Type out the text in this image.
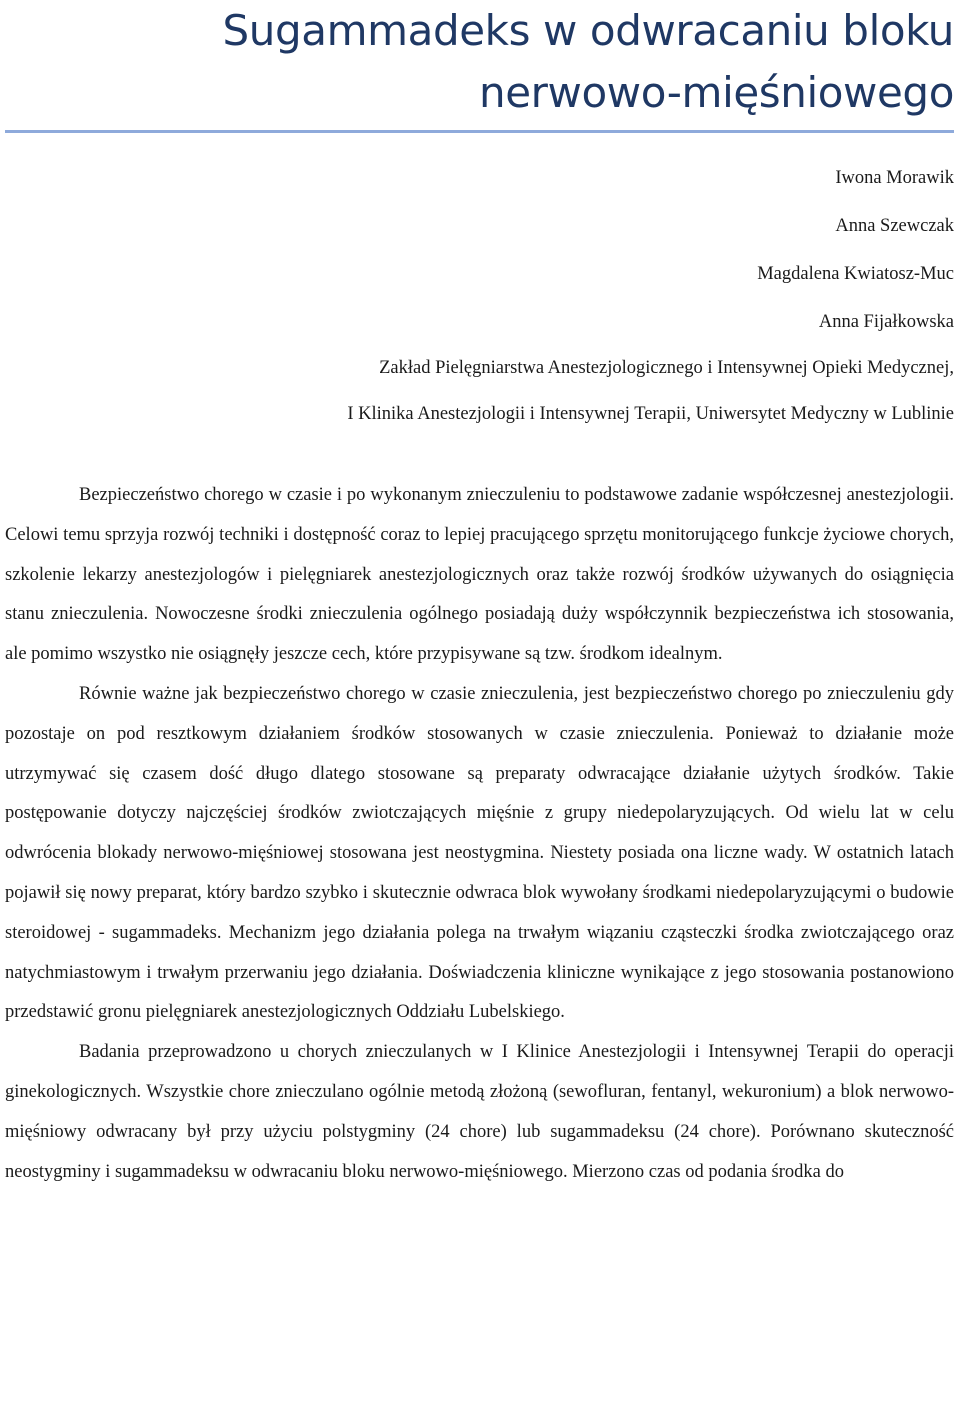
Sugammadeks w odwracaniu bloku
nerwowo-mięśniowego
Iwona Morawik
Anna Szewczak
Magdalena Kwiatosz-Muc
Anna Fijałkowska
Zakład Pielęgniarstwa Anestezjologicznego i Intensywnej Opieki Medycznej,
I Klinika Anestezjologii i Intensywnej Terapii, Uniwersytet Medyczny w Lublinie

Bezpieczeństwo chorego w czasie i po wykonanym znieczuleniu to podstawowe zadanie współczesnej anestezjologii. Celowi temu sprzyja rozwój techniki i dostępność coraz to lepiej pracującego sprzętu monitorującego funkcje życiowe chorych, szkolenie lekarzy anestezjologów i pielęgniarek anestezjologicznych oraz także rozwój środków używanych do osiągnięcia stanu znieczulenia. Nowoczesne środki znieczulenia ogólnego posiadają duży współczynnik bezpieczeństwa ich stosowania, ale pomimo wszystko nie osiągnęły jeszcze cech, które przypisywane są tzw. środkom idealnym.

Równie ważne jak bezpieczeństwo chorego w czasie znieczulenia, jest bezpieczeństwo chorego po znieczuleniu gdy pozostaje on pod resztkowym działaniem środków stosowanych w czasie znieczulenia. Ponieważ to działanie może utrzymywać się czasem dość długo dlatego stosowane są preparaty odwracające działanie użytych środków. Takie postępowanie dotyczy najczęściej środków zwiotczających mięśnie z grupy niedepolaryzujących. Od wielu lat w celu odwrócenia blokady nerwowo-mięśniowej stosowana jest neostygmina. Niestety posiada ona liczne wady. W ostatnich latach pojawił się nowy preparat, który bardzo szybko i skutecznie odwraca blok wywołany środkami niedepolaryzującymi o budowie steroidowej - sugammadeks. Mechanizm jego działania polega na trwałym wiązaniu cząsteczki środka zwiotczającego oraz natychmiastowym i trwałym przerwaniu jego działania. Doświadczenia kliniczne wynikające z jego stosowania postanowiono przedstawić gronu pielęgniarek anestezjologicznych Oddziału Lubelskiego.

Badania przeprowadzono u chorych znieczulanych w I Klinice Anestezjologii i Intensywnej Terapii do operacji ginekologicznych. Wszystkie chore znieczulano ogólnie metodą złożoną (sewofluran, fentanyl, wekuronium) a blok nerwowo-mięśniowy odwracany był przy użyciu polstygminy (24 chore) lub sugammadeksu (24 chore). Porównano skuteczność neostygminy i sugammadeksu w odwracaniu bloku nerwowo-mięśniowego. Mierzono czas od podania środka do
